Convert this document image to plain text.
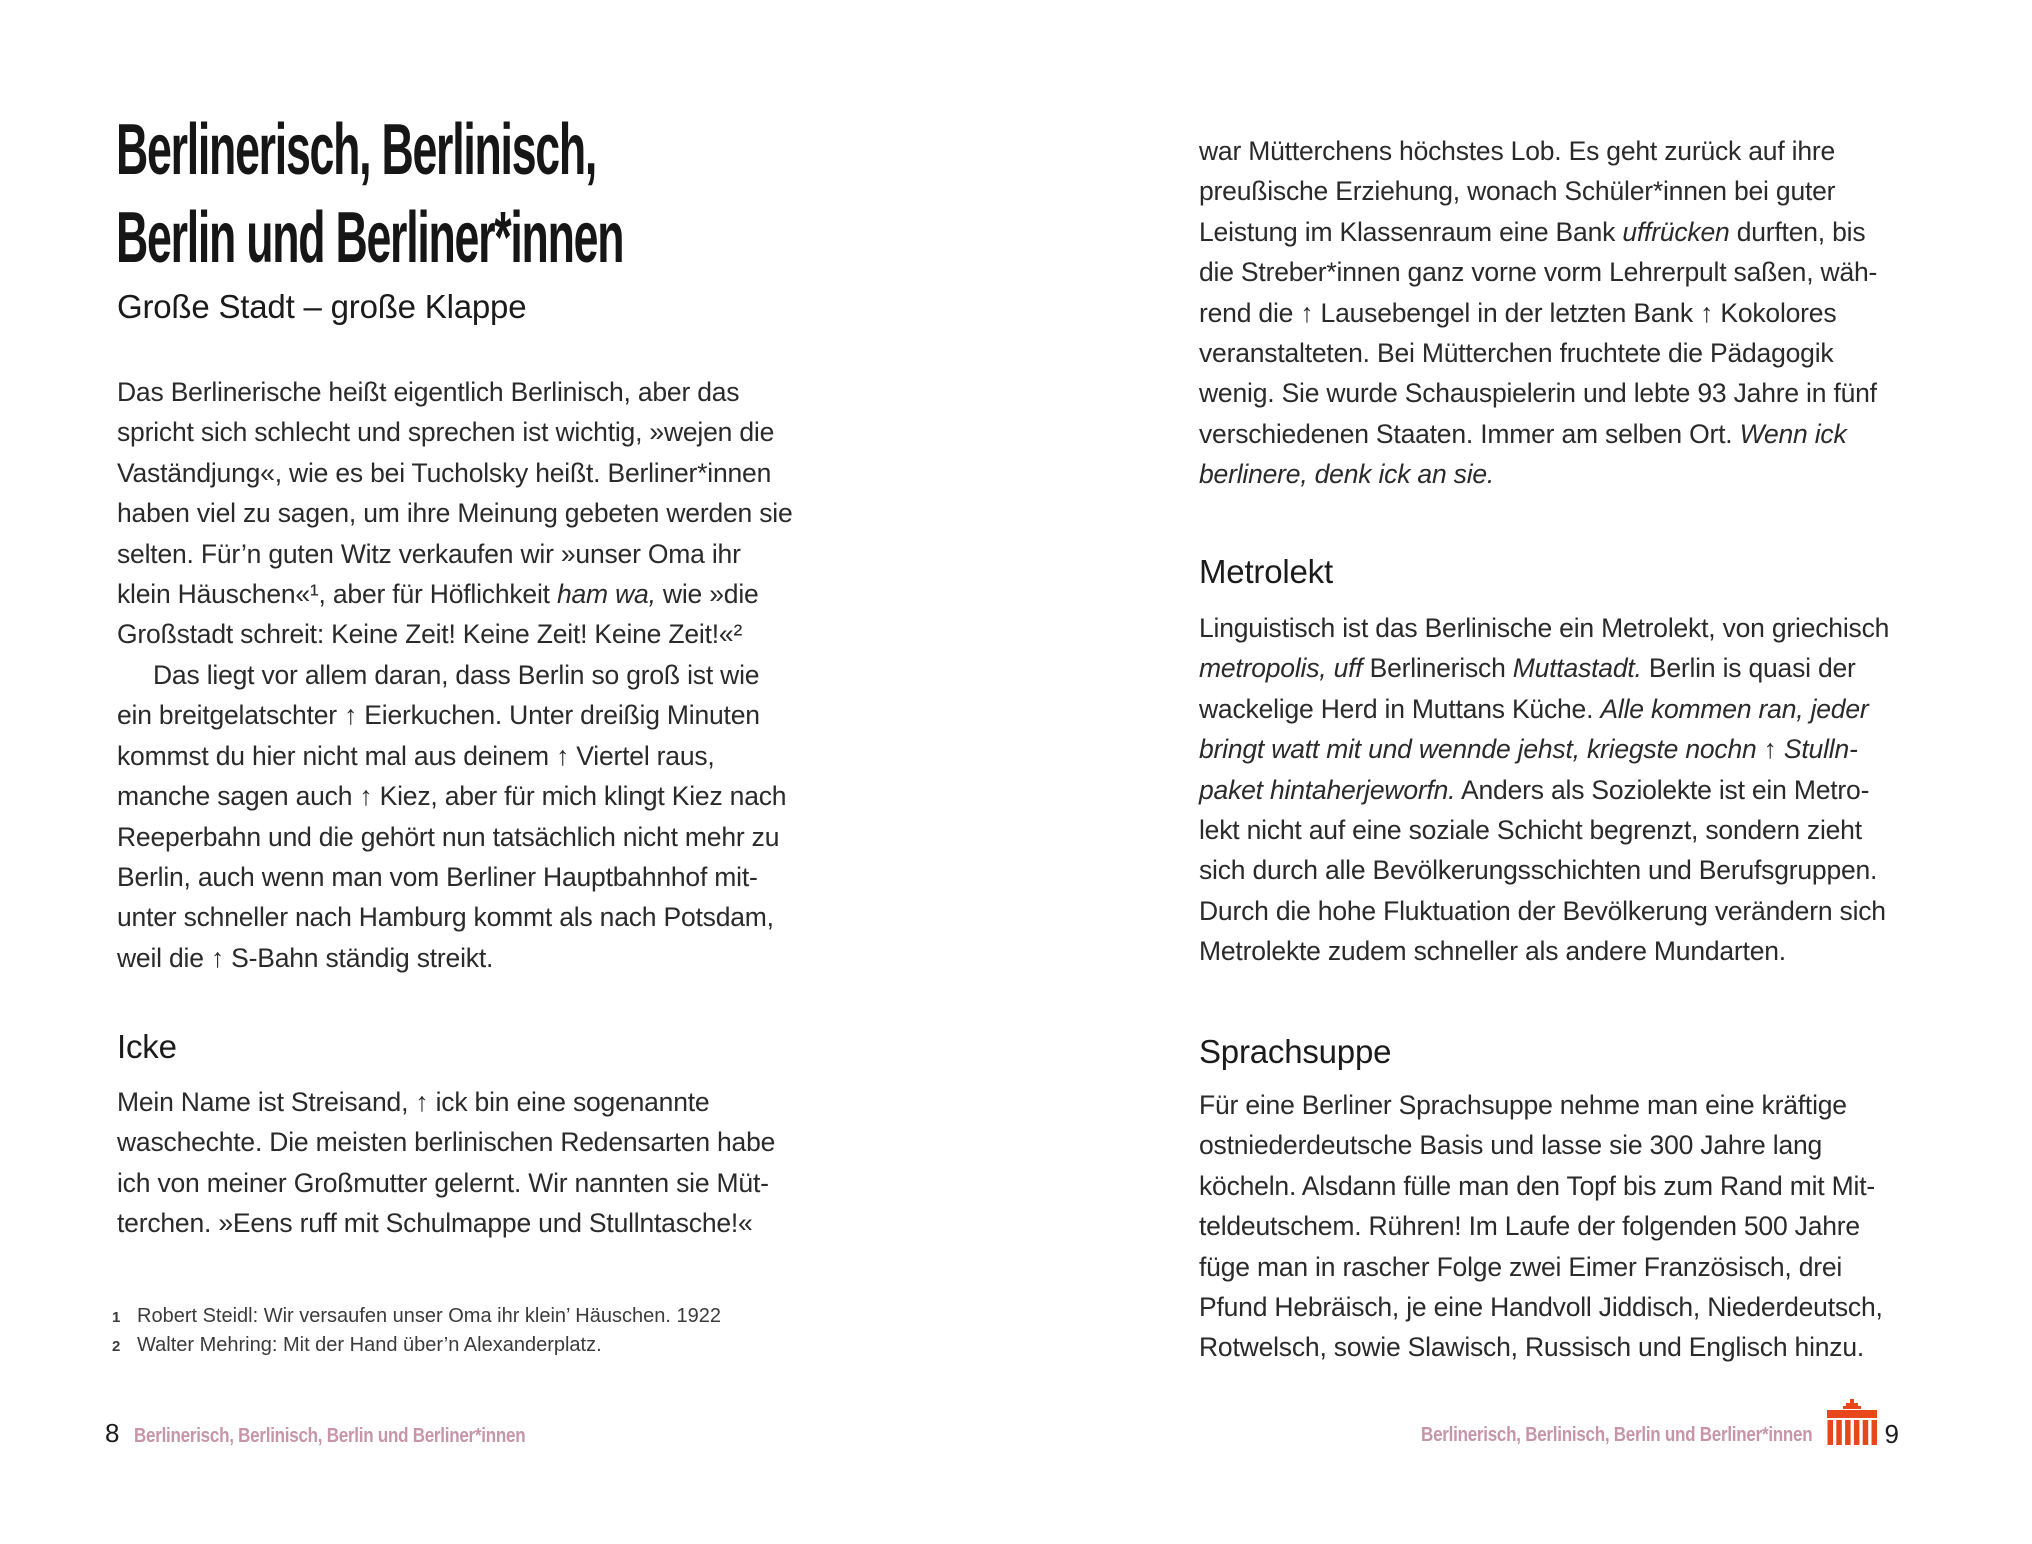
Berlinerisch, Berlinisch,
Berlin und Berliner*innen
Große Stadt – große Klappe
Das Berlinerische heißt eigentlich Berlinisch, aber das
spricht sich schlecht und sprechen ist wichtig, »wejen die
Vaständjung«, wie es bei Tucholsky heißt. Berliner*innen
haben viel zu sagen, um ihre Meinung gebeten werden sie
selten. Für’n guten Witz verkaufen wir »unser Oma ihr
klein Häuschen«¹, aber für Höflichkeit ham wa, wie »die
Großstadt schreit: Keine Zeit! Keine Zeit! Keine Zeit!«²
Das liegt vor allem daran, dass Berlin so groß ist wie
ein breitgelatschter ↑ Eierkuchen. Unter dreißig Minuten
kommst du hier nicht mal aus deinem ↑ Viertel raus,
manche sagen auch ↑ Kiez, aber für mich klingt Kiez nach
Reeperbahn und die gehört nun tatsächlich nicht mehr zu
Berlin, auch wenn man vom Berliner Hauptbahnhof mit-
unter schneller nach Hamburg kommt als nach Potsdam,
weil die ↑ S-Bahn ständig streikt.
Icke
Mein Name ist Streisand, ↑ ick bin eine sogenannte
waschechte. Die meisten berlinischen Redensarten habe
ich von meiner Großmutter gelernt. Wir nannten sie Müt-
terchen. »Eens ruff mit Schulmappe und Stullntasche!«
1 Robert Steidl: Wir versaufen unser Oma ihr klein’ Häuschen. 1922
2 Walter Mehring: Mit der Hand über’n Alexanderplatz.
8 Berlinerisch, Berlinisch, Berlin und Berliner*innen
war Mütterchens höchstes Lob. Es geht zurück auf ihre
preußische Erziehung, wonach Schüler*innen bei guter
Leistung im Klassenraum eine Bank uffrücken durften, bis
die Streber*innen ganz vorne vorm Lehrerpult saßen, wäh-
rend die ↑ Lausebengel in der letzten Bank ↑ Kokolores
veranstalteten. Bei Mütterchen fruchtete die Pädagogik
wenig. Sie wurde Schauspielerin und lebte 93 Jahre in fünf
verschiedenen Staaten. Immer am selben Ort. Wenn ick
berlinere, denk ick an sie.
Metrolekt
Linguistisch ist das Berlinische ein Metrolekt, von griechisch
metropolis, uff Berlinerisch Muttastadt. Berlin is quasi der
wackelige Herd in Muttans Küche. Alle kommen ran, jeder
bringt watt mit und wennde jehst, kriegste nochn ↑ Stulln-
paket hintaherjeworfn. Anders als Soziolekte ist ein Metro-
lekt nicht auf eine soziale Schicht begrenzt, sondern zieht
sich durch alle Bevölkerungsschichten und Berufsgruppen.
Durch die hohe Fluktuation der Bevölkerung verändern sich
Metrolekte zudem schneller als andere Mundarten.
Sprachsuppe
Für eine Berliner Sprachsuppe nehme man eine kräftige
ostniederdeutsche Basis und lasse sie 300 Jahre lang
köcheln. Alsdann fülle man den Topf bis zum Rand mit Mit-
teldeutschem. Rühren! Im Laufe der folgenden 500 Jahre
füge man in rascher Folge zwei Eimer Französisch, drei
Pfund Hebräisch, je eine Handvoll Jiddisch, Niederdeutsch,
Rotwelsch, sowie Slawisch, Russisch und Englisch hinzu.
Berlinerisch, Berlinisch, Berlin und Berliner*innen	9
